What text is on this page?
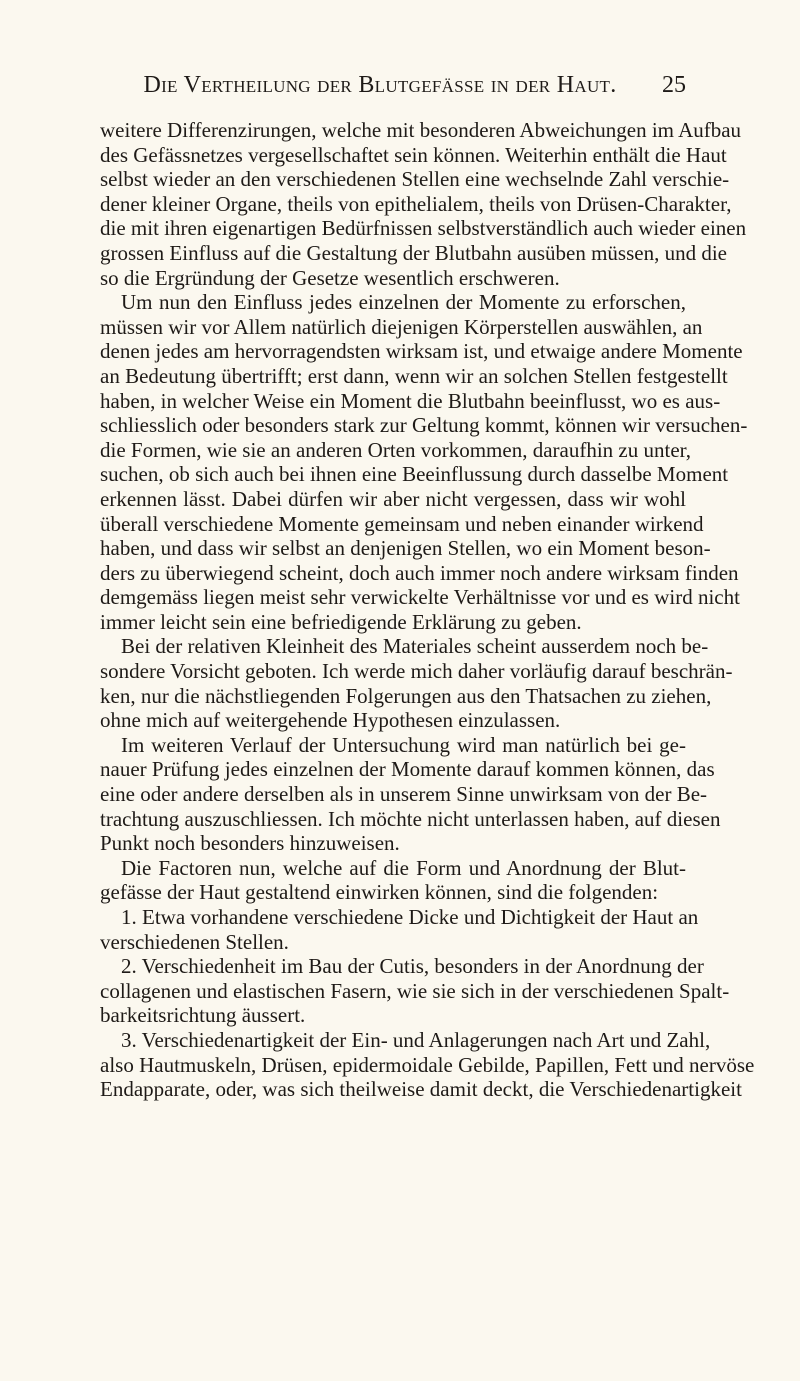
Die Vertheilung der Blutgefässe in der Haut.	25
weitere Differenzirungen, welche mit besonderen Abweichungen im Aufbau
des Gefässnetzes vergesellschaftet sein können. Weiterhin enthält die Haut
selbst wieder an den verschiedenen Stellen eine wechselnde Zahl verschie-
dener kleiner Organe, theils von epithelialem, theils von Drüsen-Charakter,
die mit ihren eigenartigen Bedürfnissen selbstverständlich auch wieder einen
grossen Einfluss auf die Gestaltung der Blutbahn ausüben müssen, und die
so die Ergründung der Gesetze wesentlich erschweren.
Um nun den Einfluss jedes einzelnen der Momente zu erforschen,
müssen wir vor Allem natürlich diejenigen Körperstellen auswählen, an
denen jedes am hervorragendsten wirksam ist, und etwaige andere Momente
an Bedeutung übertrifft; erst dann, wenn wir an solchen Stellen festgestellt
haben, in welcher Weise ein Moment die Blutbahn beeinflusst, wo es aus-
schliesslich oder besonders stark zur Geltung kommt, können wir versuchen-
die Formen, wie sie an anderen Orten vorkommen, daraufhin zu unter,
suchen, ob sich auch bei ihnen eine Beeinflussung durch dasselbe Moment
erkennen lässt. Dabei dürfen wir aber nicht vergessen, dass wir wohl
überall verschiedene Momente gemeinsam und neben einander wirkend
haben, und dass wir selbst an denjenigen Stellen, wo ein Moment beson-
ders zu überwiegend scheint, doch auch immer noch andere wirksam finden
demgemäss liegen meist sehr verwickelte Verhältnisse vor und es wird nicht
immer leicht sein eine befriedigende Erklärung zu geben.
Bei der relativen Kleinheit des Materiales scheint ausserdem noch be-
sondere Vorsicht geboten. Ich werde mich daher vorläufig darauf beschrän-
ken, nur die nächstliegenden Folgerungen aus den Thatsachen zu ziehen,
ohne mich auf weitergehende Hypothesen einzulassen.
Im weiteren Verlauf der Untersuchung wird man natürlich bei ge-
nauer Prüfung jedes einzelnen der Momente darauf kommen können, das
eine oder andere derselben als in unserem Sinne unwirksam von der Be-
trachtung auszuschliessen. Ich möchte nicht unterlassen haben, auf diesen
Punkt noch besonders hinzuweisen.
Die Factoren nun, welche auf die Form und Anordnung der Blut-
gefässe der Haut gestaltend einwirken können, sind die folgenden:
1. Etwa vorhandene verschiedene Dicke und Dichtigkeit der Haut an
verschiedenen Stellen.
2. Verschiedenheit im Bau der Cutis, besonders in der Anordnung der
collagenen und elastischen Fasern, wie sie sich in der verschiedenen Spalt-
barkeitsrichtung äussert.
3. Verschiedenartigkeit der Ein- und Anlagerungen nach Art und Zahl,
also Hautmuskeln, Drüsen, epidermoidale Gebilde, Papillen, Fett und nervöse
Endapparate, oder, was sich theilweise damit deckt, die Verschiedenartigkeit
